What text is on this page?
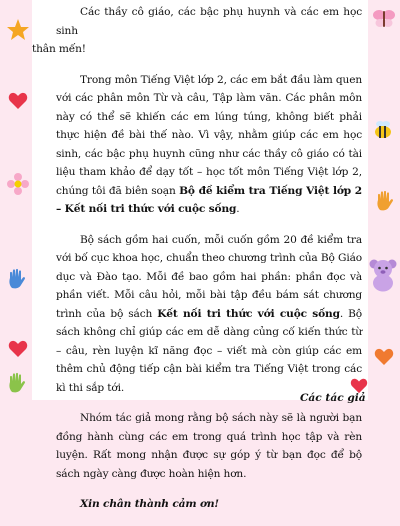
Các thầy cô giáo, các bậc phụ huynh và các em học sinh
thân mến!

Trong môn Tiếng Việt lớp 2, các em bắt đầu làm quen với các phân môn Từ và câu, Tập làm văn. Các phân môn này có thể sẽ khiến các em lúng túng, không biết phải thực hiện đề bài thế nào. Vì vậy, nhằm giúp các em học sinh, các bậc phụ huynh cũng như các thầy cô giáo có tài liệu tham khảo để dạy tốt – học tốt môn Tiếng Việt lớp 2, chúng tôi đã biên soạn Bộ đề kiểm tra Tiếng Việt lớp 2 – Kết nối tri thức với cuộc sống.

Bộ sách gồm hai cuốn, mỗi cuốn gồm 20 đề kiểm tra với bố cục khoa học, chuẩn theo chương trình của Bộ Giáo dục và Đào tạo. Mỗi đề bao gồm hai phần: phần đọc và phần viết. Mỗi câu hỏi, mỗi bài tập đều bám sát chương trình của bộ sách Kết nối tri thức với cuộc sống. Bộ sách không chỉ giúp các em dễ dàng củng cố kiến thức từ – câu, rèn luyện kĩ năng đọc – viết mà còn giúp các em thêm chủ động tiếp cận bài kiểm tra Tiếng Việt trong các kì thi sắp tới.

Nhóm tác giả mong rằng bộ sách này sẽ là người bạn đồng hành cùng các em trong quá trình học tập và rèn luyện. Rất mong nhận được sự góp ý từ bạn đọc để bộ sách ngày càng được hoàn hiện hơn.

Xin chân thành cảm ơn!

Các tác giả
